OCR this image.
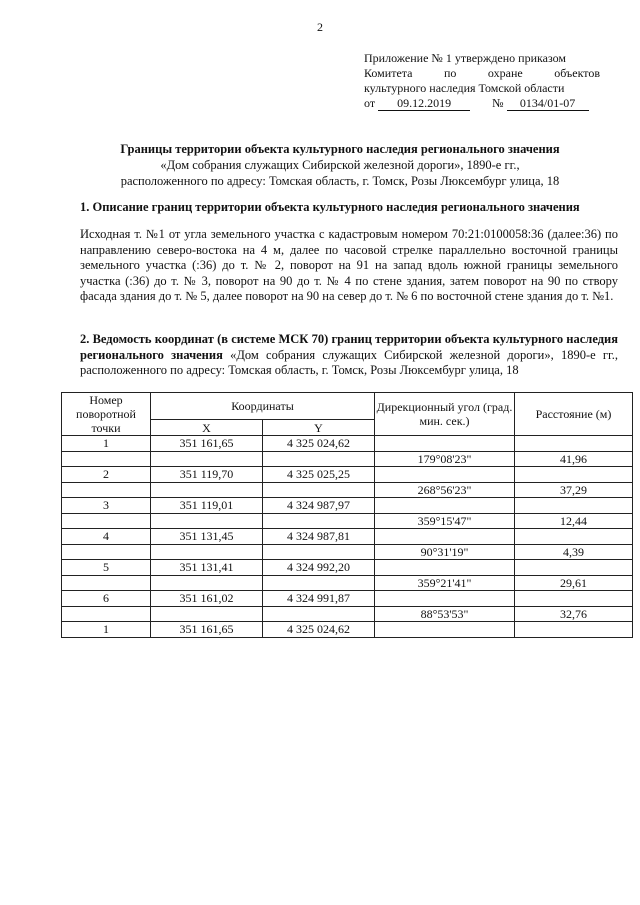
2
Приложение № 1 утверждено приказом
Комитета по охране объектов
культурного наследия Томской области
от 09.12.2019	№ 0134/01-07
Границы территории объекта культурного наследия регионального значения
«Дом собрания служащих Сибирской железной дороги», 1890-е гг.,
расположенного по адресу: Томская область, г. Томск, Розы Люксембург улица, 18
1. Описание границ территории объекта культурного наследия регионального значения
Исходная т. №1 от угла земельного участка с кадастровым номером 70:21:0100058:36 (далее:36) по направлению северо-востока на 4 м, далее по часовой стрелке параллельно восточной границы земельного участка (:36) до т. № 2, поворот на 91 на запад вдоль южной границы земельного участка (:36) до т. № 3, поворот на 90 до т. № 4 по стене здания, затем поворот на 90 по створу фасада здания до т. № 5, далее поворот на 90 на север до т. № 6 по восточной стене здания до т. №1.
2. Ведомость координат (в системе МСК 70) границ территории объекта культурного наследия регионального значения «Дом собрания служащих Сибирской железной дороги», 1890-е гг., расположенного по адресу: Томская область, г. Томск, Розы Люксембург улица, 18
Номер поворотной точки	Координаты		Дирекционный угол (град. мин. сек.)	Расстояние (м)
	X	Y		
1	351 161,65	4 325 024,62		
			179°08'23"	41,96
2	351 119,70	4 325 025,25		
			268°56'23"	37,29
3	351 119,01	4 324 987,97		
			359°15'47"	12,44
4	351 131,45	4 324 987,81		
			90°31'19"	4,39
5	351 131,41	4 324 992,20		
			359°21'41"	29,61
6	351 161,02	4 324 991,87		
			88°53'53"	32,76
1	351 161,65	4 325 024,62		
